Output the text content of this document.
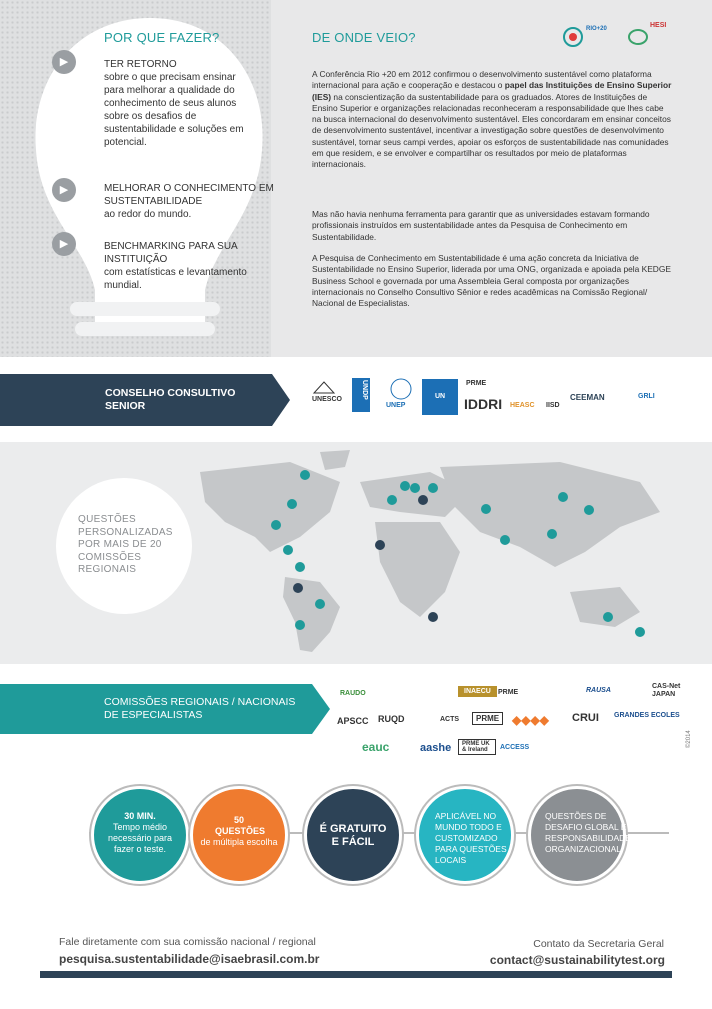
POR QUE FAZER?
▶	TER RETORNO
sobre o que precisam ensinar para melhorar a qualidade do conhecimento de seus alunos sobre os desafios de sustentabilidade e soluções em potencial.
▶	MELHORAR O CONHECIMENTO EM SUSTENTABILIDADE
ao redor do mundo.
▶	BENCHMARKING PARA SUA INSTITUIÇÃO
com estatísticas e levantamento mundial.
DE ONDE VEIO?
RIO+20	HESI

A Conferência Rio +20 em 2012 confirmou o desenvolvimento sustentável como plataforma internacional para ação e cooperação e destacou o papel das Instituições de Ensino Superior (IES) na conscientização da sustentabilidade para os graduados. Atores de Instituições de Ensino Superior e organizações relacionadas reconheceram a responsabilidade que lhes cabe na busca internacional do desenvolvimento sustentável. Eles concordaram em ensinar conceitos de desenvolvimento sustentável, incentivar a investigação sobre questões de desenvolvimento sustentável, tornar seus campi verdes, apoiar os esforços de sustentabilidade nas comunidades em que residem, e se envolver e compartilhar os resultados por meio de plataformas internacionais.

Mas não havia nenhuma ferramenta para garantir que as universidades estavam formando profissionais instruídos em sustentabilidade antes da Pesquisa de Conhecimento em Sustentabilidade.

A Pesquisa de Conhecimento em Sustentabilidade é uma ação concreta da Iniciativa de Sustentabilidade no Ensino Superior, liderada por uma ONG, organizada e apoiada pela KEDGE Business School e governada por uma Assembleia Geral composta por organizações internacionais no Conselho Consultivo Sênior e redes acadêmicas na Comissão Regional/ Nacional de Especialistas.

CONSELHO CONSULTIVO SENIOR

UNESCO	UNDP

UNEP
UN
PRME
IDDRI HEASC IISD
CEEMAN	GRLI
QUESTÕES PERSONALIZADAS POR MAIS DE 20 COMISSÕES REGIONAIS
COMISSÕES REGIONAIS / NACIONAIS DE ESPECIALISTAS
RAUDO	INAECU	PRME	RAUSA
CAS-Net JAPAN
APSCC RUQD	ACTS	PRME	◆◆◆◆ CRUI GRANDES ECOLES
eauc	aashe	PRME UK & Ireland	ACCESS	©2014
30 MIN.
Tempo médio necessário para fazer o teste.
50 QUESTÕES
de múltipla escolha
É GRATUITO E FÁCIL
APLICÁVEL NO MUNDO TODO E CUSTOMIZADO PARA QUESTÕES LOCAIS
QUESTÕES DE DESAFIO GLOBAL E RESPONSABILIDADE ORGANIZACIONAL
Fale diretamente com sua comissão nacional / regional
pesquisa.sustentabilidade@isaebrasil.com.br
Contato da Secretaria Geral
contact@sustainabilitytest.org
